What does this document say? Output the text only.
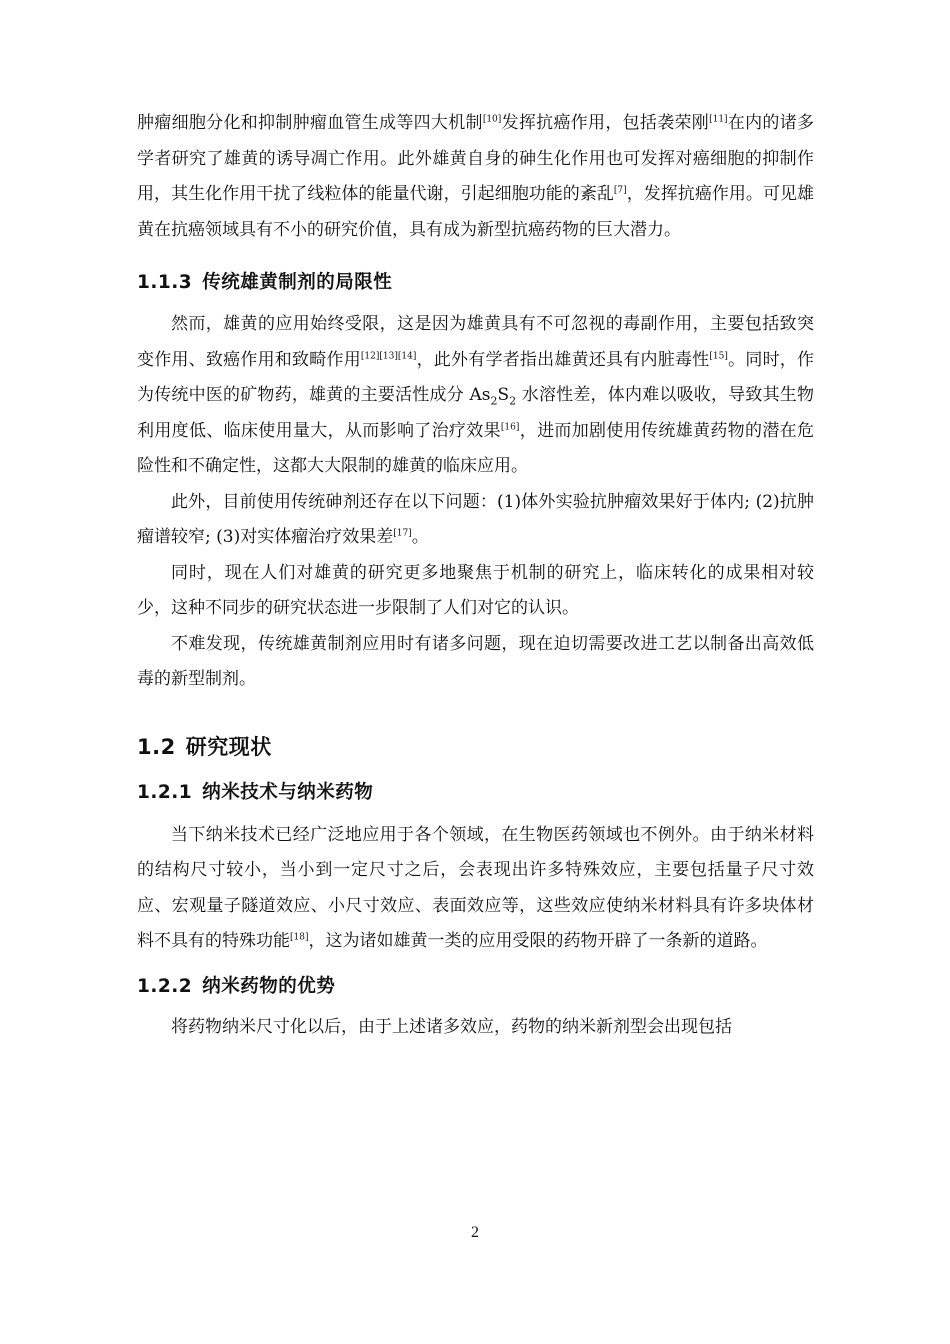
肿瘤细胞分化和抑制肿瘤血管生成等四大机制[10]发挥抗癌作用，包括袭荣刚[11]在内的诸多学者研究了雄黄的诱导凋亡作用。此外雄黄自身的砷生化作用也可发挥对癌细胞的抑制作用，其生化作用干扰了线粒体的能量代谢，引起细胞功能的紊乱[7]，发挥抗癌作用。可见雄黄在抗癌领域具有不小的研究价值，具有成为新型抗癌药物的巨大潜力。

1.1.3 传统雄黄制剂的局限性

然而，雄黄的应用始终受限，这是因为雄黄具有不可忽视的毒副作用，主要包括致突变作用、致癌作用和致畸作用[12][13][14]，此外有学者指出雄黄还具有内脏毒性[15]。同时，作为传统中医的矿物药，雄黄的主要活性成分 $As_2S_2$ 水溶性差，体内难以吸收，导致其生物利用度低、临床使用量大，从而影响了治疗效果[16]，进而加剧使用传统雄黄药物的潜在危险性和不确定性，这都大大限制的雄黄的临床应用。

此外，目前使用传统砷剂还存在以下问题：(1)体外实验抗肿瘤效果好于体内; (2)抗肿瘤谱较窄; (3)对实体瘤治疗效果差[17]。

同时，现在人们对雄黄的研究更多地聚焦于机制的研究上，临床转化的成果相对较少，这种不同步的研究状态进一步限制了人们对它的认识。

不难发现，传统雄黄制剂应用时有诸多问题，现在迫切需要改进工艺以制备出高效低毒的新型制剂。

1.2 研究现状
1.2.1 纳米技术与纳米药物

当下纳米技术已经广泛地应用于各个领域，在生物医药领域也不例外。由于纳米材料的结构尺寸较小，当小到一定尺寸之后，会表现出许多特殊效应，主要包括量子尺寸效应、宏观量子隧道效应、小尺寸效应、表面效应等，这些效应使纳米材料具有许多块体材料不具有的特殊功能[18]，这为诸如雄黄一类的应用受限的药物开辟了一条新的道路。

1.2.2 纳米药物的优势

将药物纳米尺寸化以后，由于上述诸多效应，药物的纳米新剂型会出现包括

2
